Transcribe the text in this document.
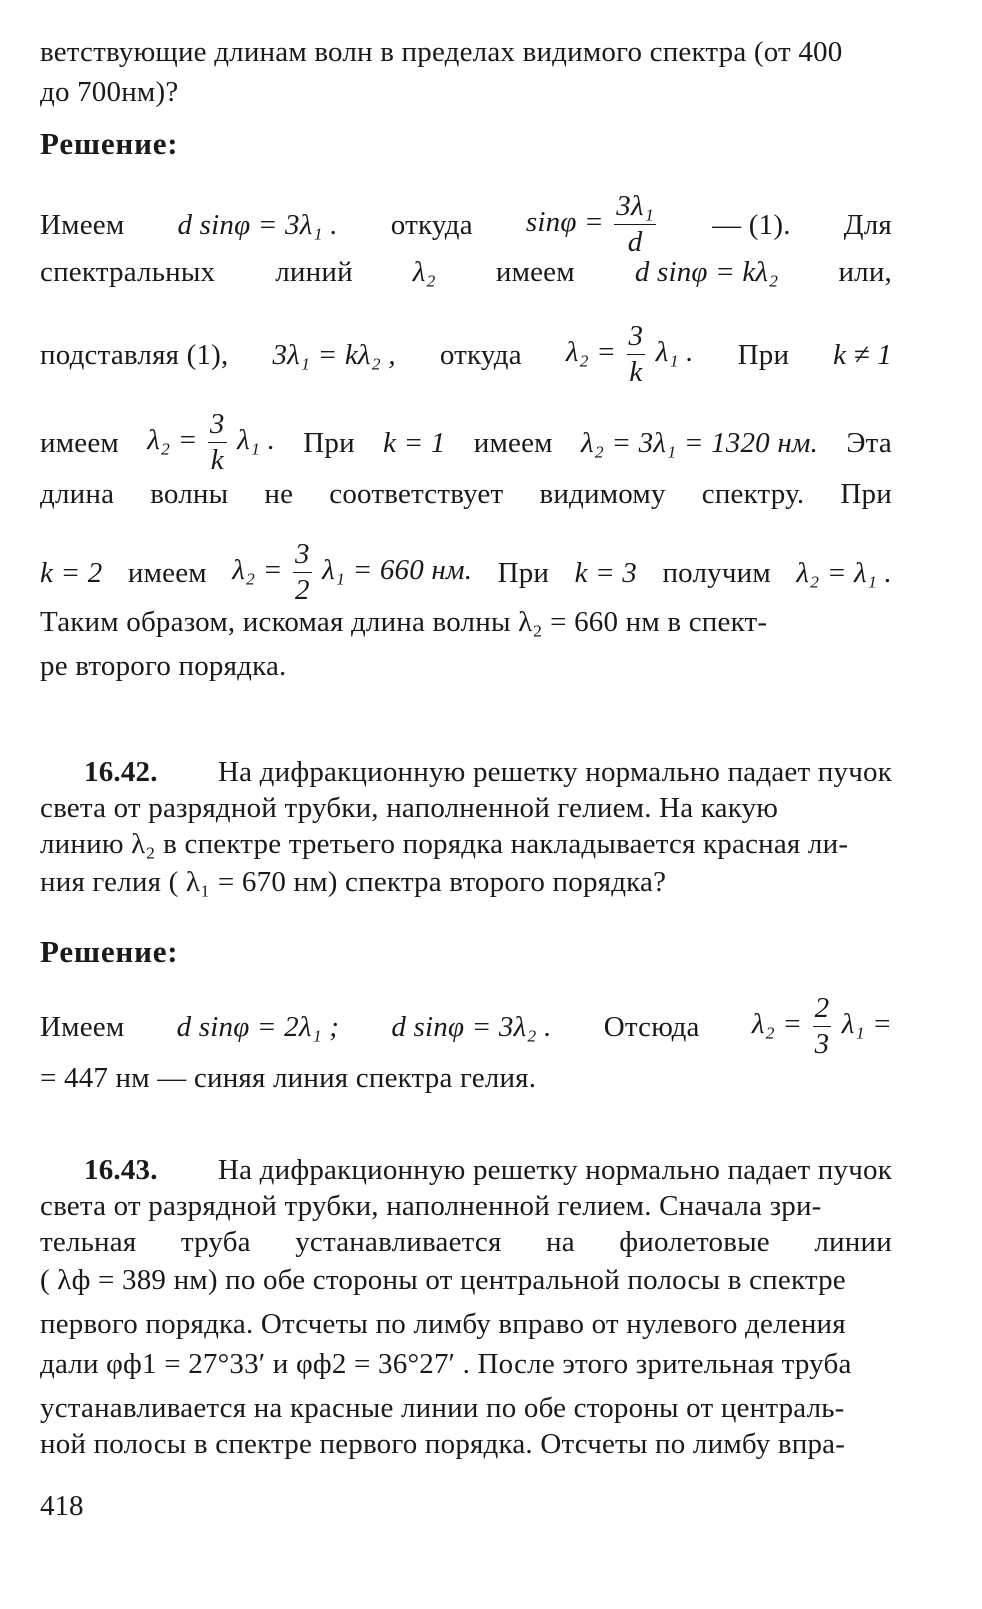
ветствующие длинам волн в пределах видимого спектра (от 400
до 700нм)?
Решение:
Имеем d sinφ = 3λ₁ . откуда $\sin\varphi = \frac{\text{3λ₁}}{d}$ — (1). Для
спектральных линий λ₂ имеем d sinφ = kλ₂ или,
подставляя (1), 3λ₁ = kλ₂ , откуда $\lambda_2 = \frac{3}{k} \lambda_1$ . При k ≠ 1
имеем $\lambda_2 = \frac{3}{k} \lambda_1$ . При k = 1 имеем λ₂ = 3λ₁ = 1320 нм. Эта
длина волны не соответствует видимому спектру. При
k = 2 имеем $\lambda_2 = \frac{3}{2} \lambda_1 = 660$ нм. При k = 3 получим λ₂ = λ₁ .
Таким образом, искомая длина волны λ₂ = 660 нм в спект-
ре второго порядка.
16.42. На дифракционную решетку нормально падает пучок
света от разрядной трубки, наполненной гелием. На какую
линию λ₂ в спектре третьего порядка накладывается красная ли-
ния гелия ( λ₁ = 670 нм) спектра второго порядка?
Решение:
Имеем d sinφ = 2λ₁ ; d sinφ = 3λ₂ . Отсюда $\lambda_2 = \frac{2}{3} \lambda_1$ =
= 447 нм — синяя линия спектра гелия.
16.43. На дифракционную решетку нормально падает пучок
света от разрядной трубки, наполненной гелием. Сначала зри-
тельная труба устанавливается на фиолетовые линии
( λф = 389 нм) по обе стороны от центральной полосы в спектре
первого порядка. Отсчеты по лимбу вправо от нулевого деления
дали φф1 = 27°33′ и φф2 = 36°27′ . После этого зрительная труба
устанавливается на красные линии по обе стороны от централь-
ной полосы в спектре первого порядка. Отсчеты по лимбу впра-
418
